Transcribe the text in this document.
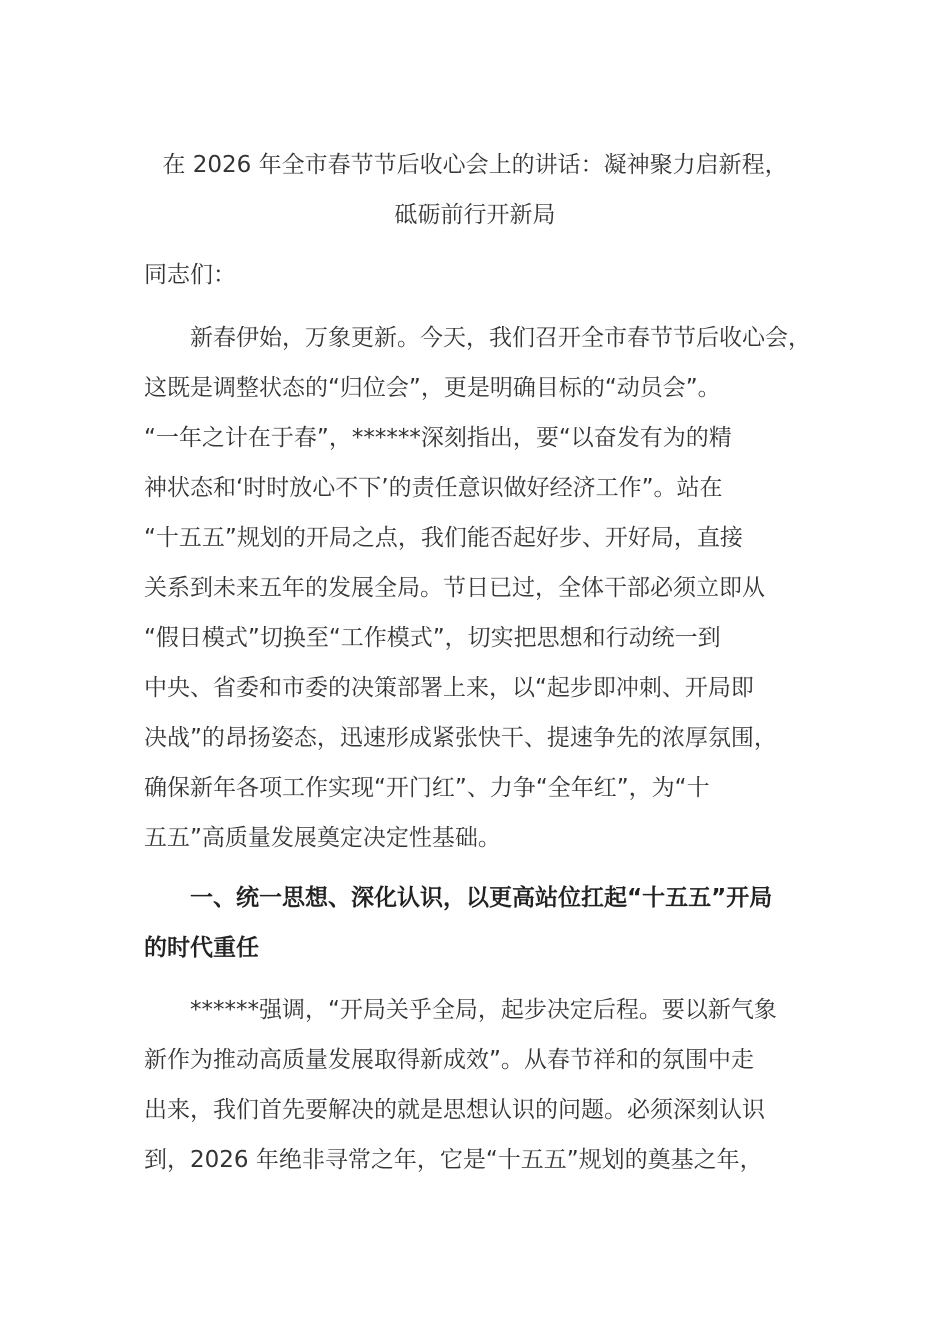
在 2026 年全市春节节后收心会上的讲话：凝神聚力启新程，
砥砺前行开新局
同志们：
　　新春伊始，万象更新。今天，我们召开全市春节节后收心会，
这既是调整状态的“归位会”，更是明确目标的“动员会”。
“一年之计在于春”，******深刻指出，要“以奋发有为的精
神状态和‘时时放心不下’的责任意识做好经济工作”。站在
“十五五”规划的开局之点，我们能否起好步、开好局，直接
关系到未来五年的发展全局。节日已过，全体干部必须立即从
“假日模式”切换至“工作模式”，切实把思想和行动统一到
中央、省委和市委的决策部署上来，以“起步即冲刺、开局即
决战”的昂扬姿态，迅速形成紧张快干、提速争先的浓厚氛围，
确保新年各项工作实现“开门红”、力争“全年红”，为“十
五五”高质量发展奠定决定性基础。
　　一、统一思想、深化认识，以更高站位扛起“十五五”开局
的时代重任
　　******强调，“开局关乎全局，起步决定后程。要以新气象
新作为推动高质量发展取得新成效”。从春节祥和的氛围中走
出来，我们首先要解决的就是思想认识的问题。必须深刻认识
到，2026 年绝非寻常之年，它是“十五五”规划的奠基之年，
